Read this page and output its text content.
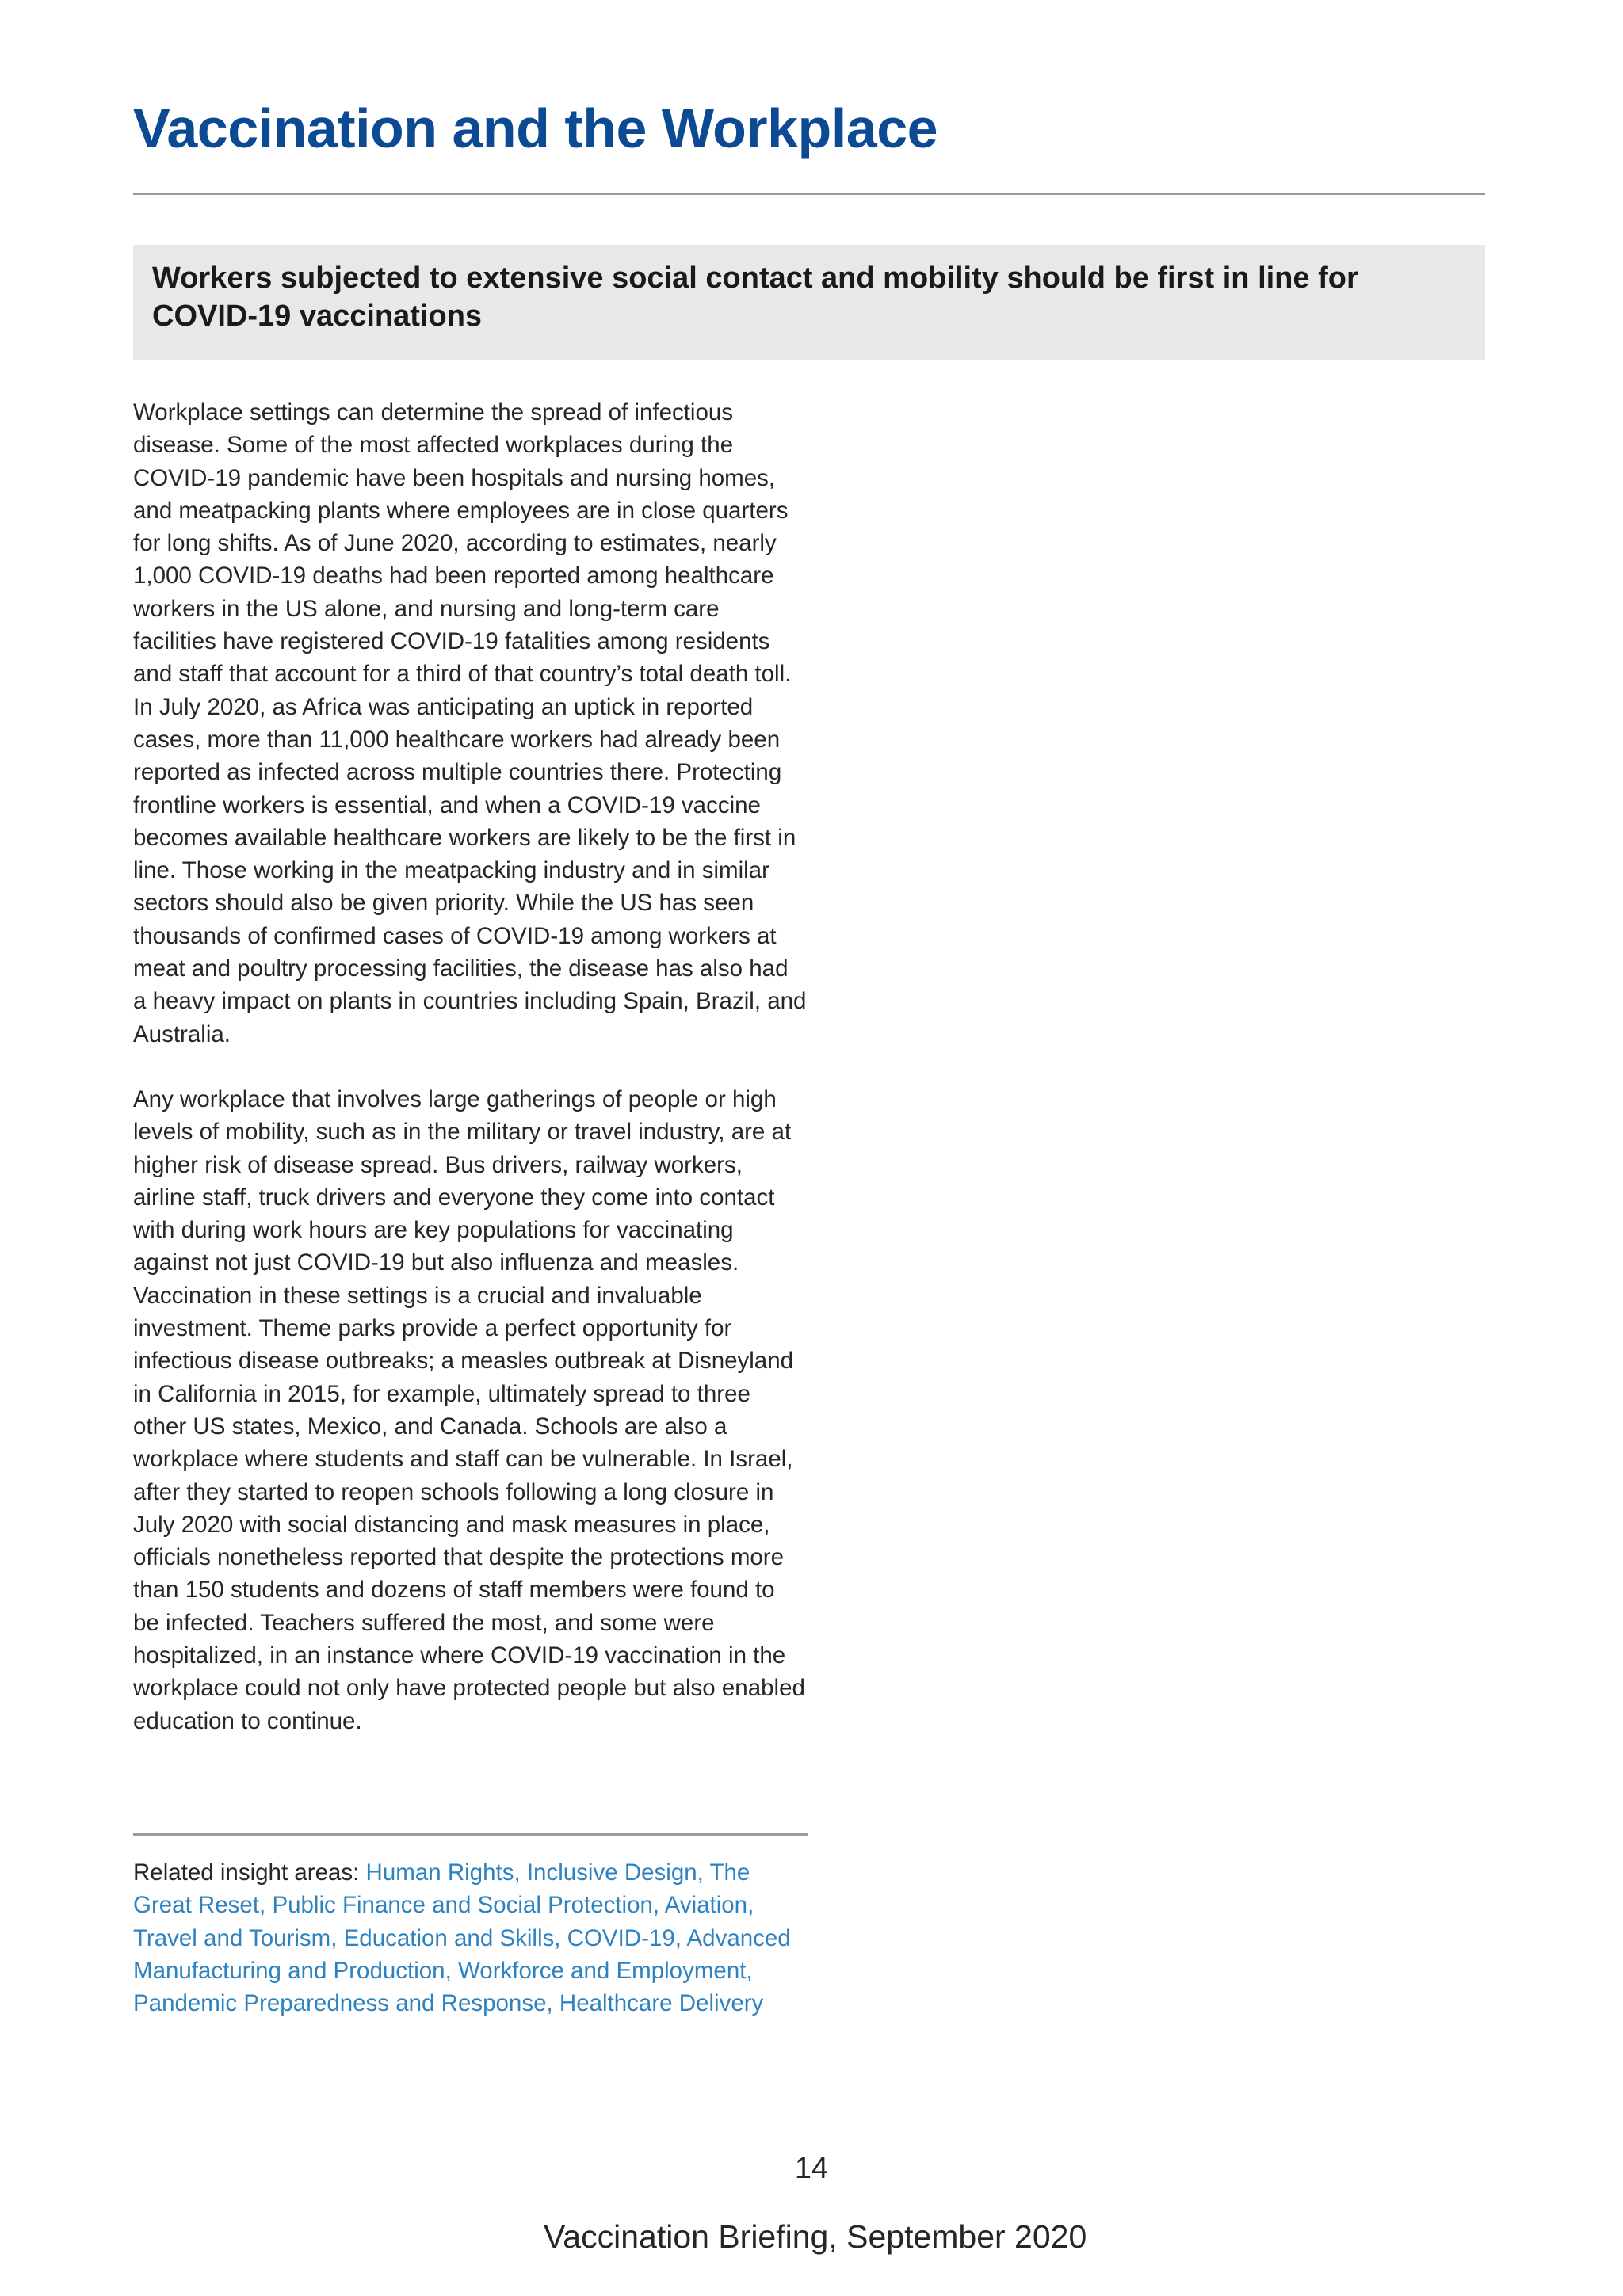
Vaccination and the Workplace

Workers subjected to extensive social contact and mobility should be first in line for COVID-19 vaccinations

Workplace settings can determine the spread of infectious disease. Some of the most affected workplaces during the COVID-19 pandemic have been hospitals and nursing homes, and meatpacking plants where employees are in close quarters for long shifts. As of June 2020, according to estimates, nearly 1,000 COVID-19 deaths had been reported among healthcare workers in the US alone, and nursing and long-term care facilities have registered COVID-19 fatalities among residents and staff that account for a third of that country’s total death toll. In July 2020, as Africa was anticipating an uptick in reported cases, more than 11,000 healthcare workers had already been reported as infected across multiple countries there. Protecting frontline workers is essential, and when a COVID-19 vaccine becomes available healthcare workers are likely to be the first in line. Those working in the meatpacking industry and in similar sectors should also be given priority. While the US has seen thousands of confirmed cases of COVID-19 among workers at meat and poultry processing facilities, the disease has also had a heavy impact on plants in countries including Spain, Brazil, and Australia.

Any workplace that involves large gatherings of people or high levels of mobility, such as in the military or travel industry, are at higher risk of disease spread. Bus drivers, railway workers, airline staff, truck drivers and everyone they come into contact with during work hours are key populations for vaccinating against not just COVID-19 but also influenza and measles. Vaccination in these settings is a crucial and invaluable investment. Theme parks provide a perfect opportunity for infectious disease outbreaks; a measles outbreak at Disneyland in California in 2015, for example, ultimately spread to three other US states, Mexico, and Canada. Schools are also a workplace where students and staff can be vulnerable. In Israel, after they started to reopen schools following a long closure in July 2020 with social distancing and mask measures in place, officials nonetheless reported that despite the protections more than 150 students and dozens of staff members were found to be infected. Teachers suffered the most, and some were hospitalized, in an instance where COVID-19 vaccination in the workplace could not only have protected people but also enabled education to continue.

Related insight areas: Human Rights, Inclusive Design, The Great Reset, Public Finance and Social Protection, Aviation, Travel and Tourism, Education and Skills, COVID-19, Advanced Manufacturing and Production, Workforce and Employment, Pandemic Preparedness and Response, Healthcare Delivery

14
Vaccination Briefing, September 2020
